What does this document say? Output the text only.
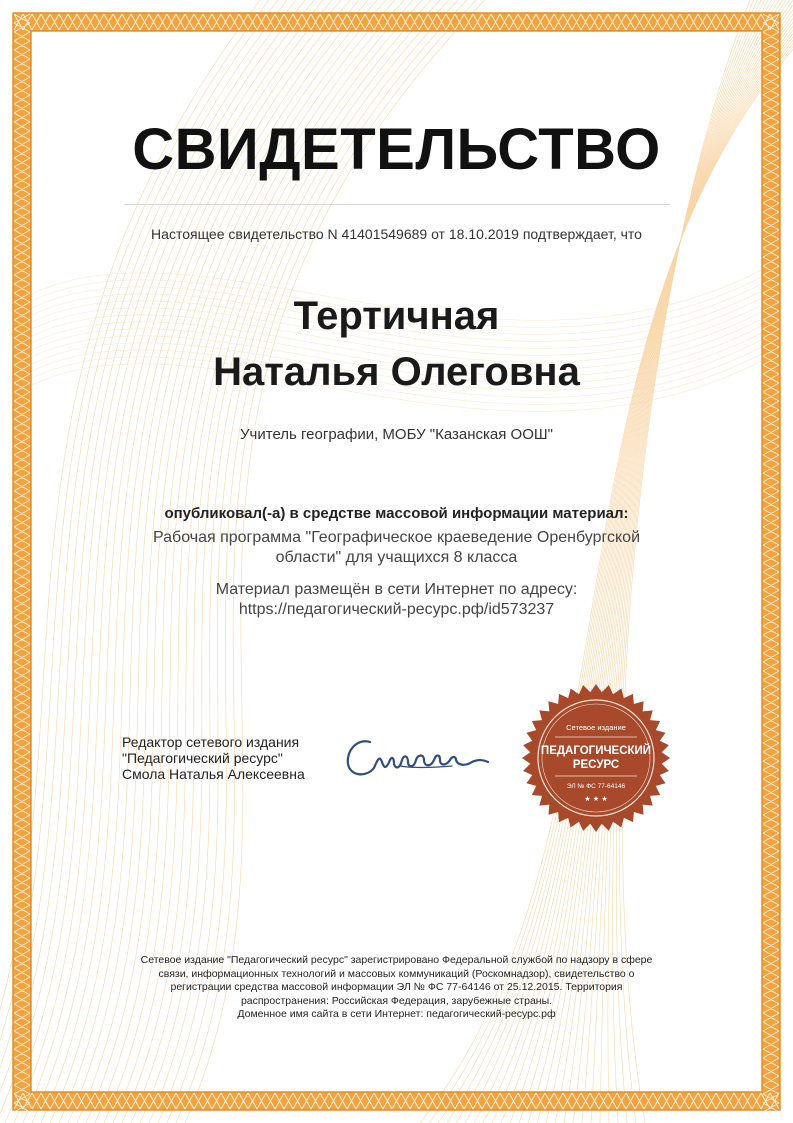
СВИДЕТЕЛЬСТВО
Настоящее свидетельство N 41401549689 от 18.10.2019 подтверждает, что
Тертичная
Наталья Олеговна
Учитель географии, МОБУ "Казанская ООШ"
опубликовал(-а) в средстве массовой информации материал:
Рабочая программа "Географическое краеведение Оренбургской
области" для учащихся 8 класса
Материал размещён в сети Интернет по адресу:
https://педагогический-ресурс.рф/id573237
Редактор сетевого издания
"Педагогический ресурс"
Смола Наталья Алексеевна
Сетевое издание
ПЕДАГОГИЧЕСКИЙ
РЕСУРС
ЭЛ № ФС 77-64146
★ ★ ★
Сетевое издание "Педагогический ресурс" зарегистрировано Федеральной службой по надзору в сфере
связи, информационных технологий и массовых коммуникаций (Роскомнадзор), свидетельство о
регистрации средства массовой информации ЭЛ № ФС 77-64146 от 25.12.2015. Территория
распространения: Российская Федерация, зарубежные страны.
Доменное имя сайта в сети Интернет: педагогический-ресурс.рф
